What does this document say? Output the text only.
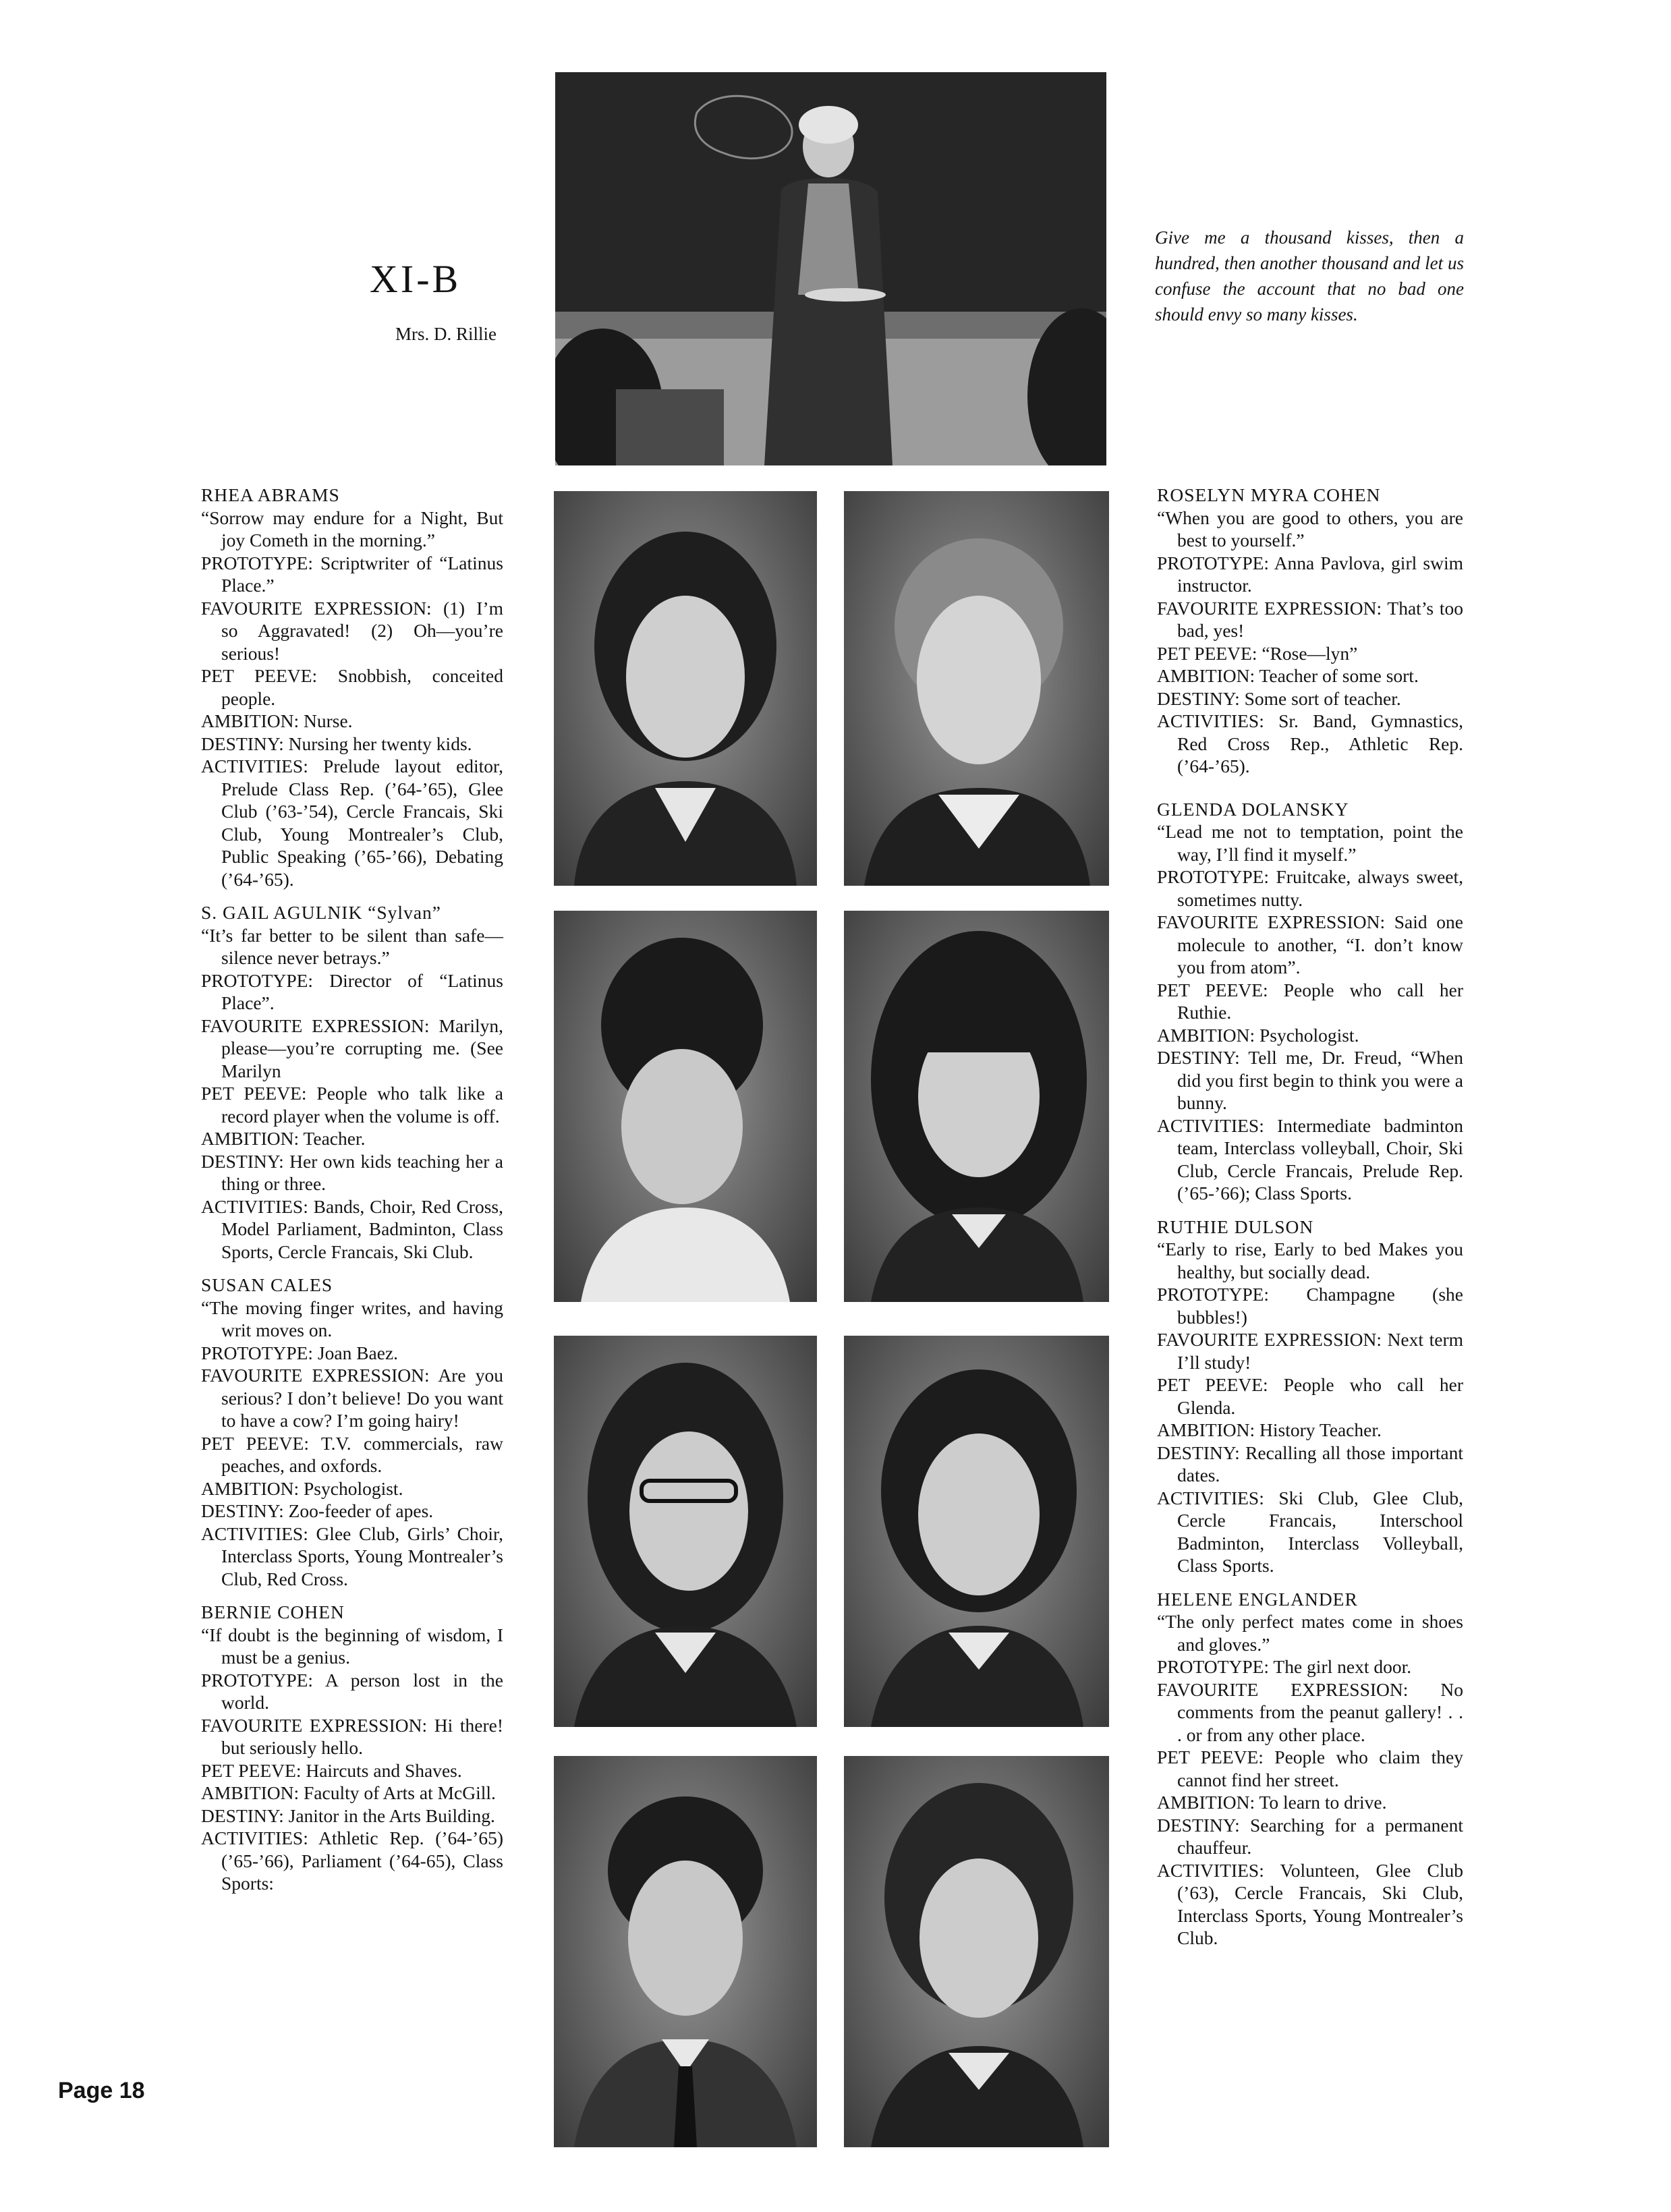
XI-B
Mrs. D. Rillie
Give me a thousand kisses, then a hundred, then another thousand and let us confuse the account that no bad one should envy so many kisses.

RHEA ABRAMS

“Sorrow may endure for a Night, But joy Cometh in the morning.”

PROTOTYPE: Scriptwriter of “Latinus Place.”

FAVOURITE EXPRESSION: (1) I’m so Aggravated! (2) Oh—you’re serious!

PET PEEVE: Snobbish, conceited people.

AMBITION: Nurse.

DESTINY: Nursing her twenty kids.

ACTIVITIES: Prelude layout editor, Prelude Class Rep. (’64-’65), Glee Club (’63-’54), Cercle Francais, Ski Club, Young Montrealer’s Club, Public Speaking (’65-’66), Debating (’64-’65).

S. GAIL AGULNIK “Sylvan”

“It’s far better to be silent than safe—silence never betrays.”

PROTOTYPE: Director of “Latinus Place”.

FAVOURITE EXPRESSION: Marilyn, please—you’re corrupting me. (See Marilyn

PET PEEVE: People who talk like a record player when the volume is off.

AMBITION: Teacher.

DESTINY: Her own kids teaching her a thing or three.

ACTIVITIES: Bands, Choir, Red Cross, Model Parliament, Badminton, Class Sports, Cercle Francais, Ski Club.

SUSAN CALES

“The moving finger writes, and having writ moves on.

PROTOTYPE: Joan Baez.

FAVOURITE EXPRESSION: Are you serious? I don’t believe! Do you want to have a cow? I’m going hairy!

PET PEEVE: T.V. commercials, raw peaches, and oxfords.

AMBITION: Psychologist.

DESTINY: Zoo-feeder of apes.

ACTIVITIES: Glee Club, Girls’ Choir, Interclass Sports, Young Montrealer’s Club, Red Cross.

BERNIE COHEN

“If doubt is the beginning of wisdom, I must be a genius.

PROTOTYPE: A person lost in the world.

FAVOURITE EXPRESSION: Hi there! but seriously hello.

PET PEEVE: Haircuts and Shaves.

AMBITION: Faculty of Arts at McGill.

DESTINY: Janitor in the Arts Building.

ACTIVITIES: Athletic Rep. (’64-’65) (’65-’66), Parliament (’64-65), Class Sports:

ROSELYN MYRA COHEN

“When you are good to others, you are best to yourself.”

PROTOTYPE: Anna Pavlova, girl swim instructor.

FAVOURITE EXPRESSION: That’s too bad, yes!

PET PEEVE: “Rose—lyn”

AMBITION: Teacher of some sort.

DESTINY: Some sort of teacher.

ACTIVITIES: Sr. Band, Gymnastics, Red Cross Rep., Athletic Rep. (’64-’65).

GLENDA DOLANSKY

“Lead me not to temptation, point the way, I’ll find it myself.”

PROTOTYPE: Fruitcake, always sweet, sometimes nutty.

FAVOURITE EXPRESSION: Said one molecule to another, “I. don’t know you from atom”.

PET PEEVE: People who call her Ruthie.

AMBITION: Psychologist.

DESTINY: Tell me, Dr. Freud, “When did you first begin to think you were a bunny.

ACTIVITIES: Intermediate badminton team, Interclass volleyball, Choir, Ski Club, Cercle Francais, Prelude Rep. (’65-’66); Class Sports.

RUTHIE DULSON

“Early to rise, Early to bed Makes you healthy, but socially dead.

PROTOTYPE: Champagne (she bubbles!)

FAVOURITE EXPRESSION: Next term I’ll study!

PET PEEVE: People who call her Glenda.

AMBITION: History Teacher.

DESTINY: Recalling all those important dates.

ACTIVITIES: Ski Club, Glee Club, Cercle Francais, Interschool Badminton, Interclass Volleyball, Class Sports.

HELENE ENGLANDER

“The only perfect mates come in shoes and gloves.”

PROTOTYPE: The girl next door.

FAVOURITE EXPRESSION: No comments from the peanut gallery! . . . or from any other place.

PET PEEVE: People who claim they cannot find her street.

AMBITION: To learn to drive.

DESTINY: Searching for a permanent chauffeur.

ACTIVITIES: Volunteen, Glee Club (’63), Cercle Francais, Ski Club, Interclass Sports, Young Montrealer’s Club.

Page 18
